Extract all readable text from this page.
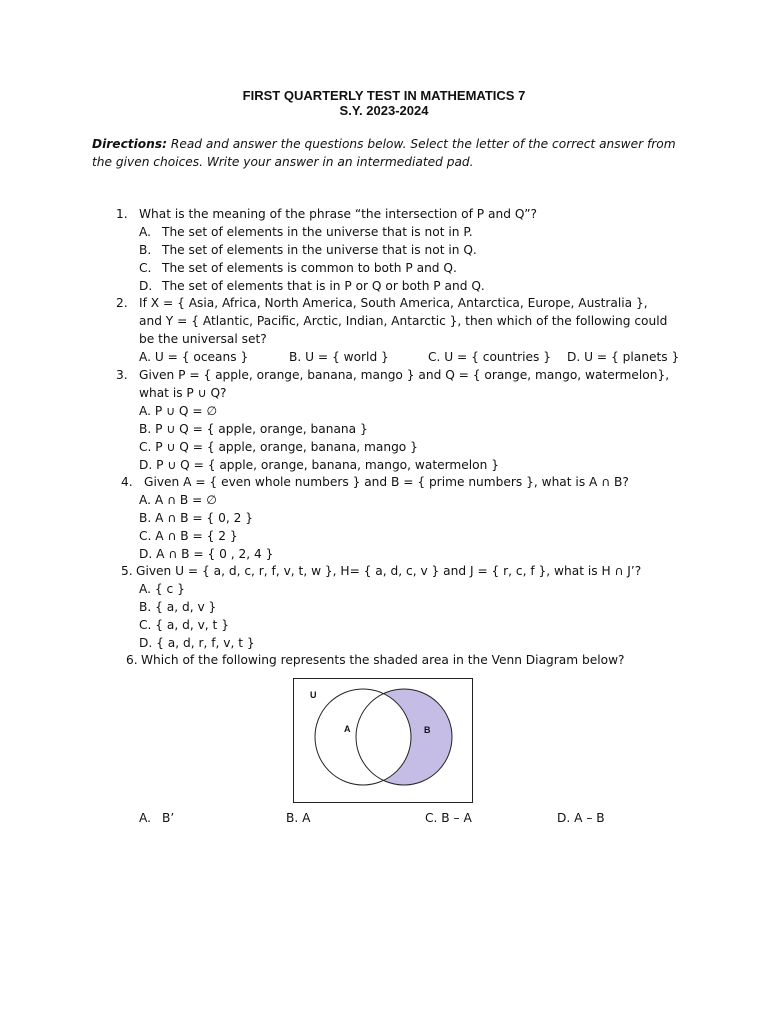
FIRST QUARTERLY TEST IN MATHEMATICS 7
S.Y. 2023-2024
Directions: Read and answer the questions below. Select the letter of the correct answer from the given choices. Write your answer in an intermediated pad.
1. What is the meaning of the phrase “the intersection of P and Q”?
A. The set of elements in the universe that is not in P.
B. The set of elements in the universe that is not in Q.
C. The set of elements is common to both P and Q.
D. The set of elements that is in P or Q or both P and Q.
2. If X = { Asia, Africa, North America, South America, Antarctica, Europe, Australia },
and Y = { Atlantic, Pacific, Arctic, Indian, Antarctic }, then which of the following could
be the universal set?
A. U = { oceans }	B. U = { world }	C. U = { countries } D. U = { planets }
3. Given P = { apple, orange, banana, mango } and Q = { orange, mango, watermelon},
what is P ∪ Q?
A. P ∪ Q = ∅
B. P ∪ Q = { apple, orange, banana }
C. P ∪ Q = { apple, orange, banana, mango }
D. P ∪ Q = { apple, orange, banana, mango, watermelon }
4. Given A = { even whole numbers } and B = { prime numbers }, what is A ∩ B?
A. A ∩ B = ∅
B. A ∩ B = { 0, 2 }
C. A ∩ B = { 2 }
D. A ∩ B = { 0 , 2, 4 }
5. Given U = { a, d, c, r, f, v, t, w }, H= { a, d, c, v } and J = { r, c, f }, what is H ∩ J’?
A. { c }
B. { a, d, v }
C. { a, d, v, t }
D. { a, d, r, f, v, t }
6. Which of the following represents the shaded area in the Venn Diagram below?
U
A	B
A. B’	B. A	C. B – A	D. A – B
